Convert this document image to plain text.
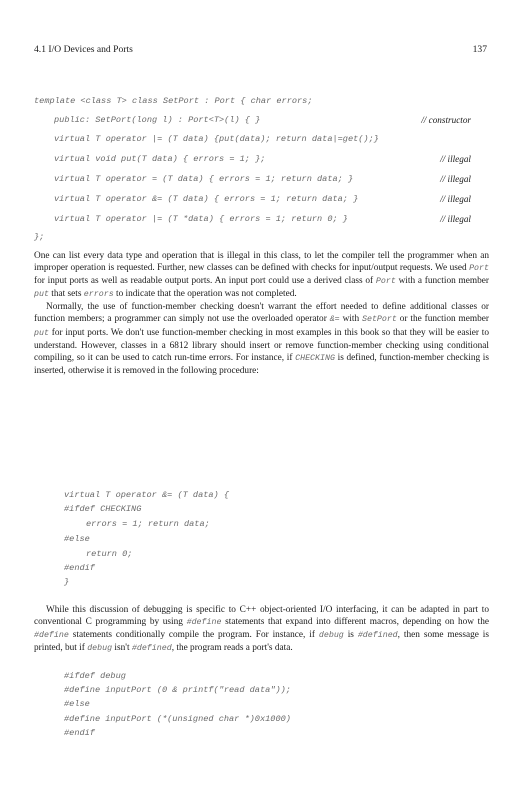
4.1 I/O Devices and Ports	137
template <class T> class SetPort : Port { char errors;
public: SetPort(long l) : Port<T>(l) { }	// constructor
virtual T operator |= (T data) {put(data); return data|=get();}
virtual void put(T data) { errors = 1; };	// illegal
virtual T operator = (T data) { errors = 1; return data; }	// illegal
virtual T operator &= (T data) { errors = 1; return data; }	// illegal
virtual T operator |= (T *data) { errors = 1; return 0; }	// illegal
};

One can list every data type and operation that is illegal in this class, to let the compiler tell the programmer when an improper operation is requested. Further, new classes can be defined with checks for input/output requests. We used Port for input ports as well as readable output ports. An input port could use a derived class of Port with a function member put that sets errors to indicate that the operation was not completed.

Normally, the use of function-member checking doesn't warrant the effort needed to define additional classes or function members; a programmer can simply not use the overloaded operator &= with SetPort or the function member put for input ports. We don't use function-member checking in most examples in this book so that they will be easier to understand. However, classes in a 6812 library should insert or remove function-member checking using conditional compiling, so it can be used to catch run-time errors. For instance, if CHECKING is defined, function-member checking is inserted, otherwise it is removed in the following procedure:

virtual T operator &= (T data) {
#ifdef CHECKING
errors = 1; return data;
#else
return 0;
#endif
}

While this discussion of debugging is specific to C++ object-oriented I/O interfacing, it can be adapted in part to conventional C programming by using #define statements that expand into different macros, depending on how the #define statements conditionally compile the program. For instance, if debug is #defined, then some message is printed, but if debug isn't #defined, the program reads a port's data.

#ifdef debug
#define inputPort (0 & printf("read data"));
#else
#define inputPort (*(unsigned char *)0x1000)
#endif
